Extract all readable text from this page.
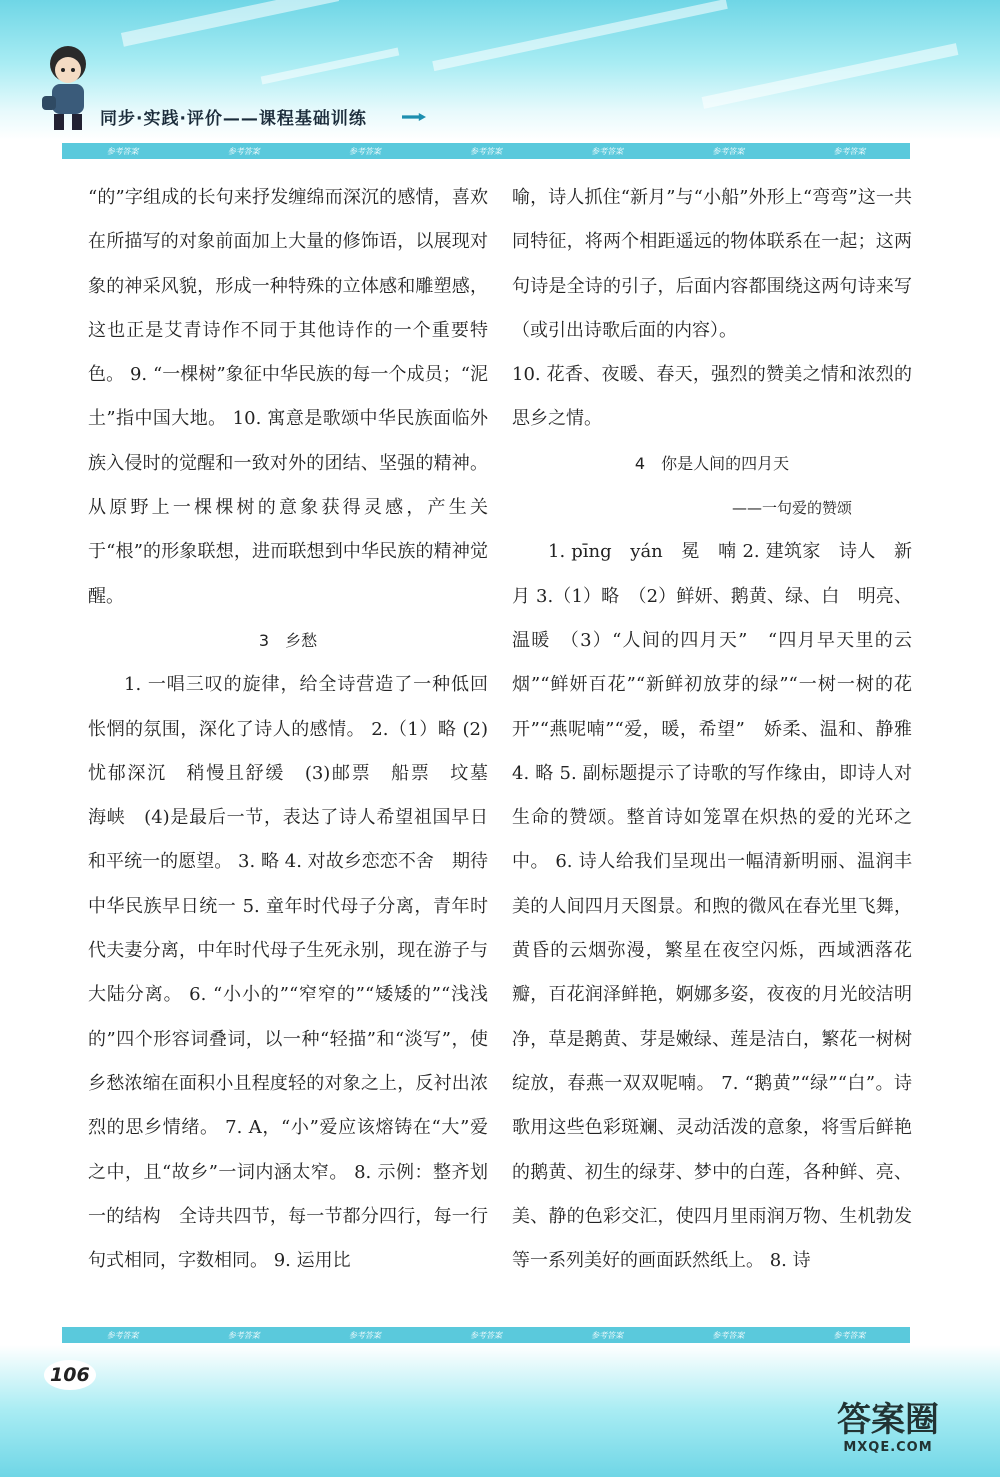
同步·实践·评价——课程基础训练
参考答案	参考答案	参考答案	参考答案	参考答案	参考答案	参考答案

“的”字组成的长句来抒发缠绵而深沉的感情，喜欢在所描写的对象前面加上大量的修饰语，以展现对象的神采风貌，形成一种特殊的立体感和雕塑感，这也正是艾青诗作不同于其他诗作的一个重要特色。 9. “一棵树”象征中华民族的每一个成员；“泥土”指中国大地。 10. 寓意是歌颂中华民族面临外族入侵时的觉醒和一致对外的团结、坚强的精神。从原野上一棵棵树的意象获得灵感，产生关于“根”的形象联想，进而联想到中华民族的精神觉醒。

3　乡愁

1. 一唱三叹的旋律，给全诗营造了一种低回怅惘的氛围，深化了诗人的感情。 2.（1）略 (2)忧郁深沉　稍慢且舒缓　(3)邮票　船票　坟墓　海峡　(4)是最后一节，表达了诗人希望祖国早日和平统一的愿望。 3. 略 4. 对故乡恋恋不舍　期待中华民族早日统一 5. 童年时代母子分离，青年时代夫妻分离，中年时代母子生死永别，现在游子与大陆分离。 6. “小小的”“窄窄的”“矮矮的”“浅浅的”四个形容词叠词，以一种“轻描”和“淡写”，使乡愁浓缩在面积小且程度轻的对象之上，反衬出浓烈的思乡情绪。 7. A，“小”爱应该熔铸在“大”爱之中，且“故乡”一词内涵太窄。 8. 示例：整齐划一的结构　全诗共四节，每一节都分四行，每一行句式相同，字数相同。 9. 运用比

喻，诗人抓住“新月”与“小船”外形上“弯弯”这一共同特征，将两个相距遥远的物体联系在一起；这两句诗是全诗的引子，后面内容都围绕这两句诗来写（或引出诗歌后面的内容）。

10. 花香、夜暖、春天，强烈的赞美之情和浓烈的思乡之情。

4　你是人间的四月天

——一句爱的赞颂

1. pīng　yán　冕　喃 2. 建筑家　诗人　新月 3.（1）略　（2）鲜妍、鹅黄、绿、白　明亮、温暖　（3）“人间的四月天”　“四月早天里的云烟”“鲜妍百花”“新鲜初放芽的绿”“一树一树的花开”“燕呢喃”“爱，暖，希望”　娇柔、温和、静雅 4. 略 5. 副标题提示了诗歌的写作缘由，即诗人对生命的赞颂。整首诗如笼罩在炽热的爱的光环之中。 6. 诗人给我们呈现出一幅清新明丽、温润丰美的人间四月天图景。和煦的微风在春光里飞舞，黄昏的云烟弥漫，繁星在夜空闪烁，西域洒落花瓣，百花润泽鲜艳，婀娜多姿，夜夜的月光皎洁明净，草是鹅黄、芽是嫩绿、莲是洁白，繁花一树树绽放，春燕一双双呢喃。 7. “鹅黄”“绿”“白”。诗歌用这些色彩斑斓、灵动活泼的意象，将雪后鲜艳的鹅黄、初生的绿芽、梦中的白莲，各种鲜、亮、美、静的色彩交汇，使四月里雨润万物、生机勃发等一系列美好的画面跃然纸上。 8. 诗

参考答案	参考答案	参考答案	参考答案	参考答案	参考答案	参考答案
106
答案圈
MXQE.COM
